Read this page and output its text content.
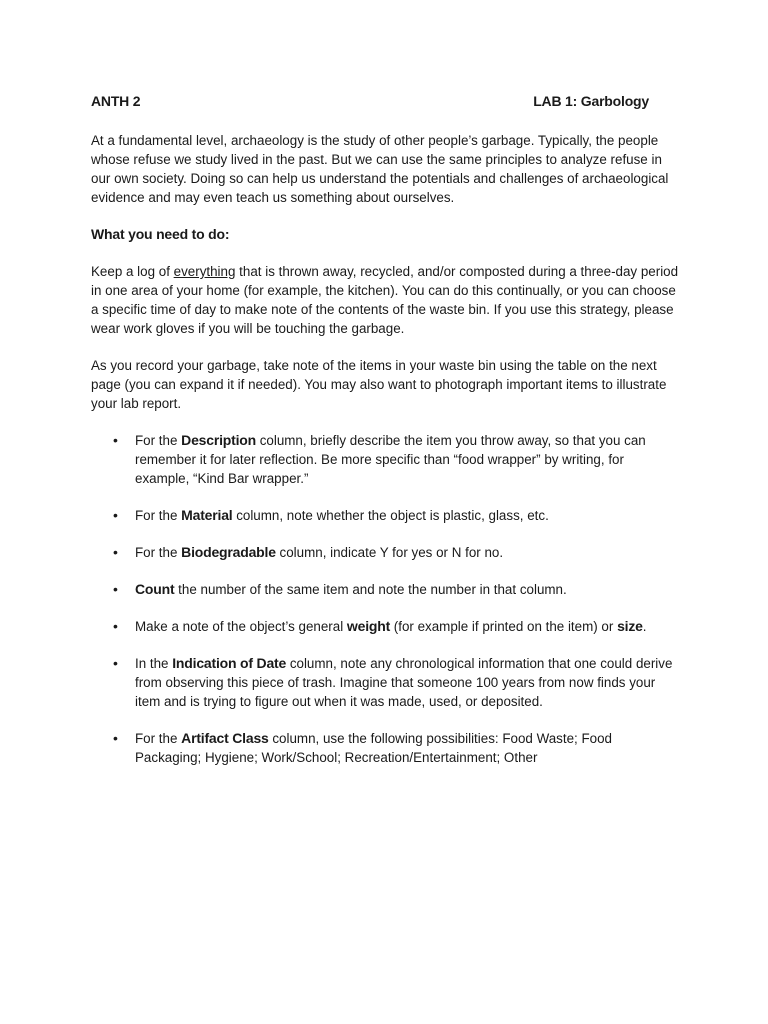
ANTH 2	LAB 1: Garbology

At a fundamental level, archaeology is the study of other people’s garbage. Typically, the people whose refuse we study lived in the past. But we can use the same principles to analyze refuse in our own society. Doing so can help us understand the potentials and challenges of archaeological evidence and may even teach us something about ourselves.

What you need to do:

Keep a log of everything that is thrown away, recycled, and/or composted during a three-day period in one area of your home (for example, the kitchen). You can do this continually, or you can choose a specific time of day to make note of the contents of the waste bin. If you use this strategy, please wear work gloves if you will be touching the garbage.

As you record your garbage, take note of the items in your waste bin using the table on the next page (you can expand it if needed). You may also want to photograph important items to illustrate your lab report.

• For the Description column, briefly describe the item you throw away, so that you can remember it for later reflection. Be more specific than “food wrapper” by writing, for example, “Kind Bar wrapper.”
• For the Material column, note whether the object is plastic, glass, etc.
• For the Biodegradable column, indicate Y for yes or N for no.
• Count the number of the same item and note the number in that column.
• Make a note of the object’s general weight (for example if printed on the item) or size.
• In the Indication of Date column, note any chronological information that one could derive from observing this piece of trash. Imagine that someone 100 years from now finds your item and is trying to figure out when it was made, used, or deposited.
• For the Artifact Class column, use the following possibilities: Food Waste; Food Packaging; Hygiene; Work/School; Recreation/Entertainment; Other
